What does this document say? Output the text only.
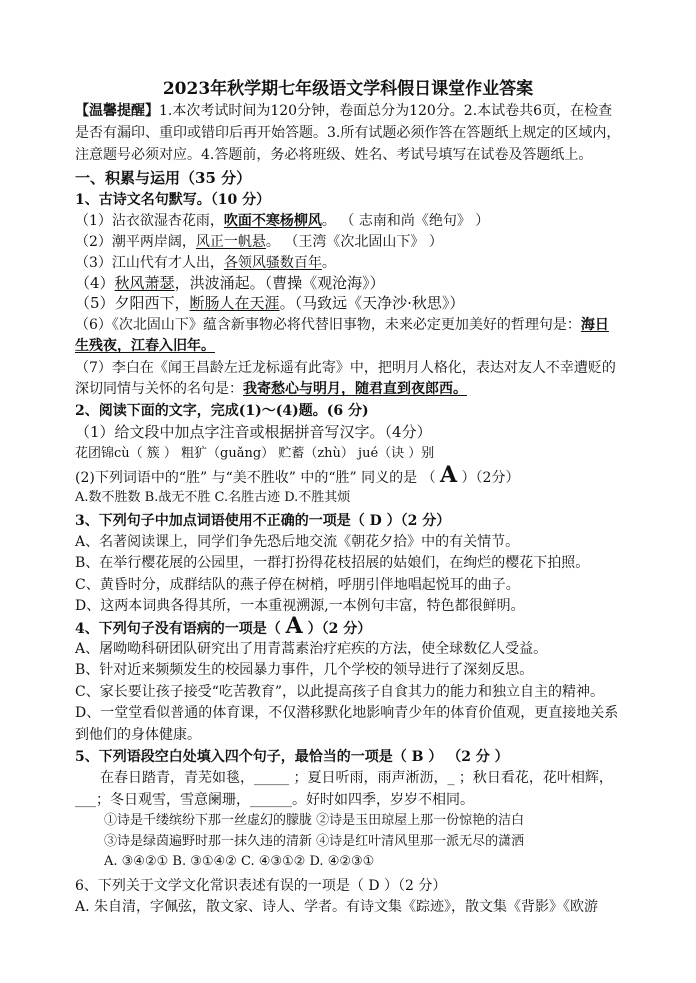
2023年秋学期七年级语文学科假日课堂作业答案
【温馨提醒】1.本次考试时间为120分钟，卷面总分为120分。2.本试卷共6页，在检查
是否有漏印、重印或错印后再开始答题。3.所有试题必须作答在答题纸上规定的区域内，
注意题号必须对应。4.答题前，务必将班级、姓名、考试号填写在试卷及答题纸上。
一、积累与运用（35 分）
1、古诗文名句默写。（10 分）
（1）沾衣欲湿杏花雨，吹面不寒杨柳风。 （ 志南和尚《绝句》 ）
（2）潮平两岸阔，风正一帆悬。 （王湾《次北固山下》 ）
（3）江山代有才人出，各领风骚数百年。
（4）秋风萧瑟，洪波涌起。（曹操《观沧海》）
（5）夕阳西下，断肠人在天涯。（马致远《天净沙·秋思》）
（6）《次北固山下》蕴含新事物必将代替旧事物，未来必定更加美好的哲理句是：海日
生残夜，江春入旧年。
（7）李白在《闻王昌龄左迁龙标遥有此寄》中，把明月人格化，表达对友人不幸遭贬的
深切同情与关怀的名句是：我寄愁心与明月，随君直到夜郎西。
2、阅读下面的文字，完成(1)～(4)题。(6 分)
（1）给文段中加点字注音或根据拼音写汉字。（4分）
花团锦cù（ 簇 ） 粗犷（guǎng） 贮蓄（zhù） jué（诀 ）别
(2)下列词语中的“胜” 与“美不胜收” 中的“胜” 同义的是 （ A ）（2分）
A.数不胜数 B.战无不胜 C.名胜古迹 D.不胜其烦
3、下列句子中加点词语使用不正确的一项是（ D ）（2 分）
A、名著阅读课上，同学们争先恐后地交流《朝花夕拾》中的有关情节。
B、在举行樱花展的公园里，一群打扮得花枝招展的姑娘们，在绚烂的樱花下拍照。
C、黄昏时分，成群结队的燕子停在树梢，呼朋引伴地唱起悦耳的曲子。
D、这两本词典各得其所，一本重视溯源,一本例句丰富，特色都很鲜明。
4、下列句子没有语病的一项是（ A ）（2 分）
A、屠呦呦科研团队研究出了用青蒿素治疗疟疾的方法，使全球数亿人受益。
B、针对近来频频发生的校园暴力事件，几个学校的领导进行了深刻反思。
C、家长要让孩子接受“吃苦教育”，以此提高孩子自食其力的能力和独立自主的精神。
D、一堂堂看似普通的体育课，不仅潜移默化地影响青少年的体育价值观，更直接地关系
到他们的身体健康。
5、下列语段空白处填入四个句子，最恰当的一项是（ B ） （2 分 ）
在春日踏青，青芜如毯，_____ ；夏日听雨，雨声淅沥，_ ；秋日看花，花叶相辉，
___；冬日观雪，雪意阑珊，______。好时如四季，岁岁不相同。
①诗是千缕缤纷下那一丝虚幻的朦胧 ②诗是玉田琼屋上那一份惊艳的洁白
③诗是绿茵遍野时那一抹久违的清新 ④诗是红叶清风里那一派无尽的潇洒
A. ③④②① B. ③①④② C. ④③①② D. ④②③①
6、下列关于文学文化常识表述有误的一项是（ D ）（2 分）
A. 朱自清，字佩弦，散文家、诗人、学者。有诗文集《踪迹》，散文集《背影》《欧游
